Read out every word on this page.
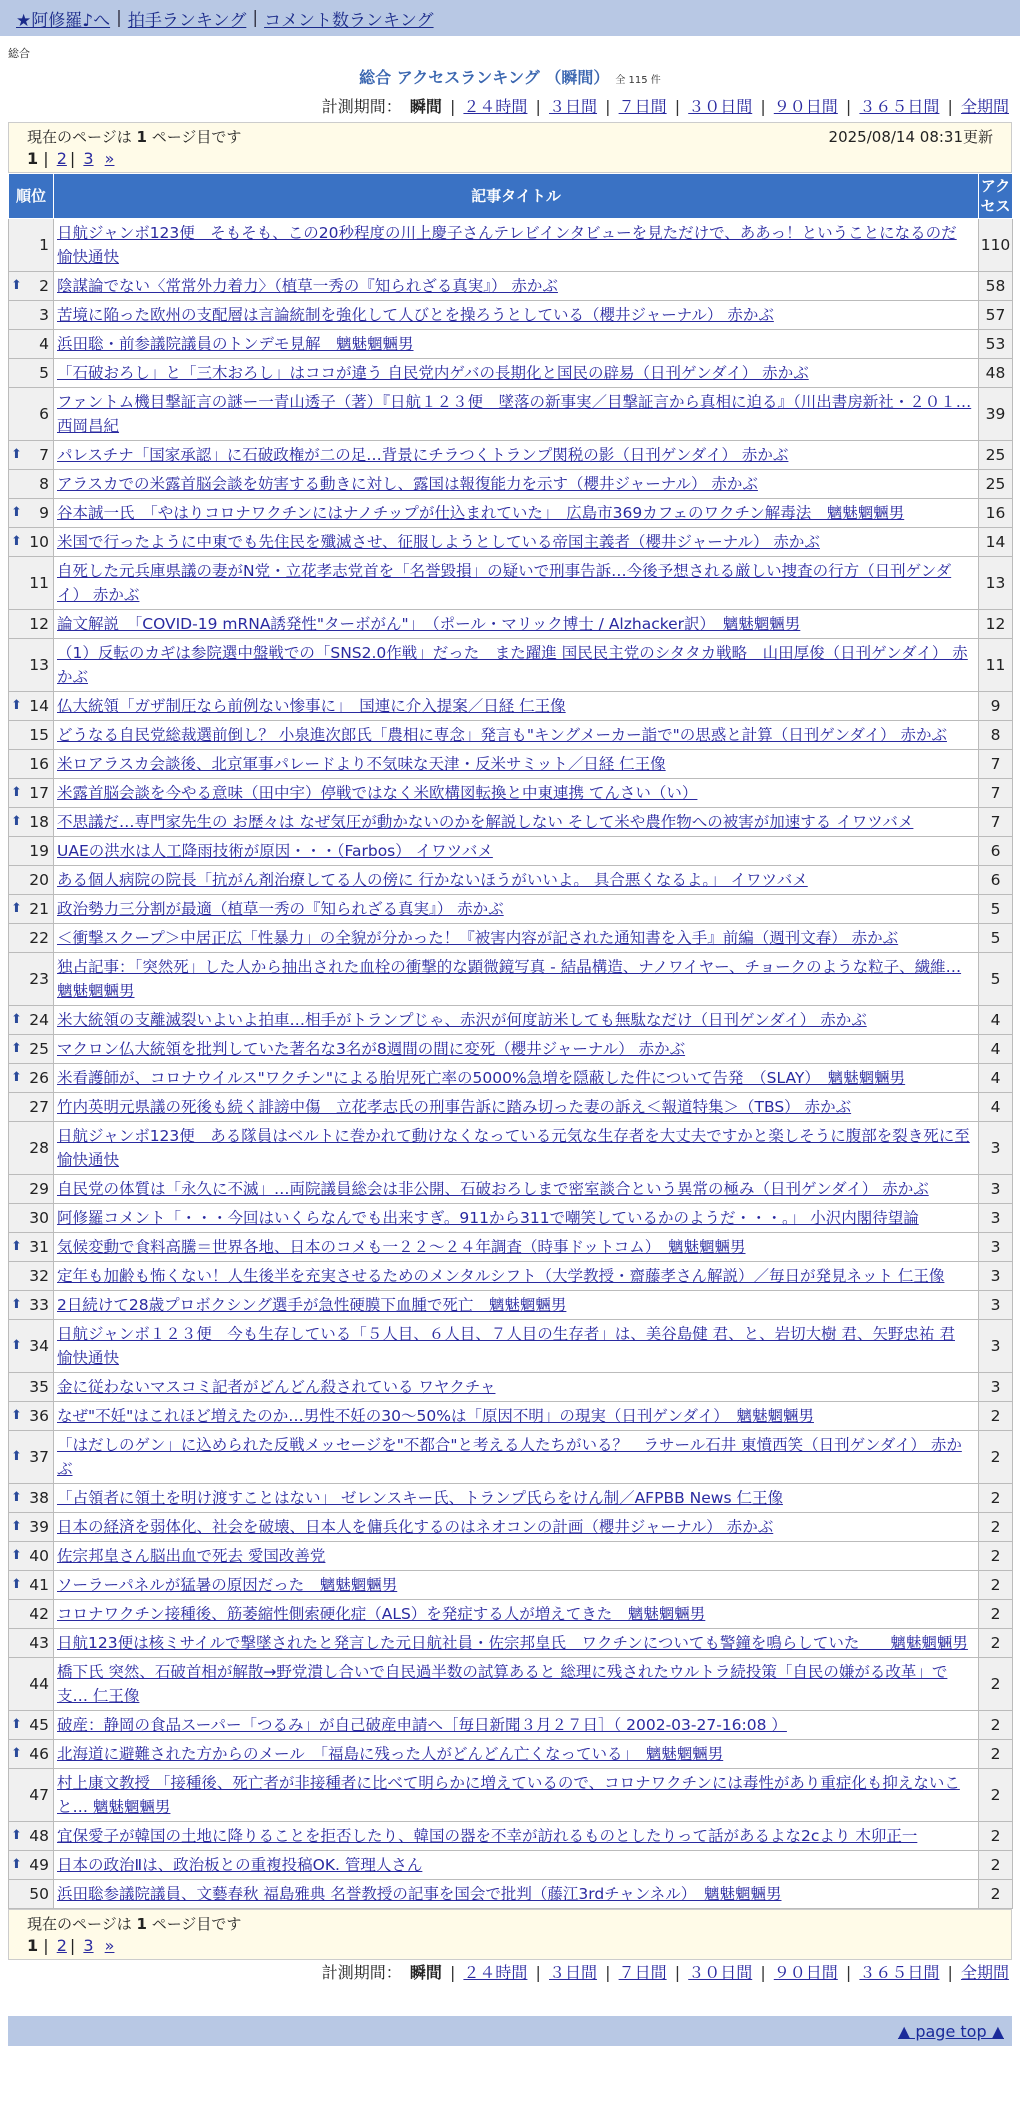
★阿修羅♪へ | 拍手ランキング | コメント数ランキング
総合
総合 アクセスランキング （瞬間） 全 115 件
計測期間： 瞬間 | ２４時間 | ３日間 | ７日間 | ３０日間 | ９０日間 | ３６５日間 | 全期間
現在のページは 1 ページ目です	2025/08/14 08:31更新
1 | 2 | 3 »
順位	記事タイトル	アクセス
1	日航ジャンボ123便　そもそも、この20秒程度の川上慶子さんテレビインタビューを見ただけで、ああっ！ということになるのだ 愉快通快	110

⬆ 2	陰謀論でない〈常常外力着力〉（植草一秀の『知られざる真実』） 赤かぶ	58
3	苦境に陥った欧州の支配層は言論統制を強化して人びとを操ろうとしている（櫻井ジャーナル） 赤かぶ	57
4	浜田聡・前参議院議員のトンデモ見解　魑魅魍魎男	53
5	「石破おろし」と「三木おろし」はココが違う 自民党内ゲバの長期化と国民の辟易（日刊ゲンダイ） 赤かぶ	48
6	ファントム機目撃証言の謎ー一青山透子（著）『日航１２３便　墜落の新事実／目撃証言から真相に迫る』（川出書房新社・２０１… 西岡昌紀	39

⬆ 7	パレスチナ「国家承認」に石破政権が二の足…背景にチラつくトランプ関税の影（日刊ゲンダイ） 赤かぶ	25
8	アラスカでの米露首脳会談を妨害する動きに対し、露国は報復能力を示す（櫻井ジャーナル） 赤かぶ	25

⬆ 9	谷本誠一氏　「やはりコロナワクチンにはナノチップが仕込まれていた」　広島市369カフェのワクチン解毒法　魑魅魍魎男	16

⬆ 10	米国で行ったように中東でも先住民を殲滅させ、征服しようとしている帝国主義者（櫻井ジャーナル） 赤かぶ	14
11	自死した元兵庫県議の妻がN党・立花孝志党首を「名誉毀損」の疑いで刑事告訴…今後予想される厳しい捜査の行方（日刊ゲンダイ） 赤かぶ	13
12	論文解説　「COVID-19 mRNA誘発性"ターボがん"」　（ポール・マリック博士 / Alzhacker訳）　魑魅魍魎男	12
13	（1）反転のカギは参院選中盤戦での「SNS2.0作戦」だった　また躍進 国民民主党のシタタカ戦略　山田厚俊（日刊ゲンダイ） 赤かぶ	11

⬆ 14	仏大統領「ガザ制圧なら前例ない惨事に」　国連に介入提案／日経 仁王像	9
15	どうなる自民党総裁選前倒し？ 小泉進次郎氏「農相に専念」発言も"キングメーカー詣で"の思惑と計算（日刊ゲンダイ） 赤かぶ	8
16	米ロアラスカ会談後、北京軍事パレードより不気味な天津・反米サミット／日経 仁王像	7

⬆ 17	米露首脳会談を今やる意味（田中宇）停戦ではなく米欧構図転換と中東連携 てんさい（い）	7

⬆ 18	不思議だ…専門家先生の お歴々は なぜ気圧が動かないのかを解説しない そして米や農作物への被害が加速する イワツバメ	7
19	UAEの洪水は人工降雨技術が原因・・・（Farbos） イワツバメ	6
20	ある個人病院の院長「抗がん剤治療してる人の傍に 行かないほうがいいよ。 具合悪くなるよ。」 イワツバメ	6

⬆ 21	政治勢力三分割が最適（植草一秀の『知られざる真実』） 赤かぶ	5
22	＜衝撃スクープ＞中居正広「性暴力」の全貌が分かった！『被害内容が記された通知書を入手』前編（週刊文春） 赤かぶ	5
23	独占記事：「突然死」した人から抽出された血栓の衝撃的な顕微鏡写真 - 結晶構造、ナノワイヤー、チョークのような粒子、繊維… 魑魅魍魎男	5

⬆ 24	米大統領の支離滅裂いよいよ拍車…相手がトランプじゃ、赤沢が何度訪米しても無駄なだけ（日刊ゲンダイ） 赤かぶ	4

⬆ 25	マクロン仏大統領を批判していた著名な3名が8週間の間に変死（櫻井ジャーナル） 赤かぶ	4

⬆ 26	米看護師が、コロナウイルス"ワクチン"による胎児死亡率の5000%急増を隠蔽した件について告発　（SLAY）　魑魅魍魎男	4
27	竹内英明元県議の死後も続く誹謗中傷　立花孝志氏の刑事告訴に踏み切った妻の訴え＜報道特集＞（TBS） 赤かぶ	4
28	日航ジャンボ123便　ある隊員はベルトに巻かれて動けなくなっている元気な生存者を大丈夫ですかと楽しそうに腹部を裂き死に至 愉快通快	3
29	自民党の体質は「永久に不滅」…両院議員総会は非公開、石破おろしまで密室談合という異常の極み（日刊ゲンダイ） 赤かぶ	3
30	阿修羅コメント「・・・今回はいくらなんでも出来すぎ。911から311で嘲笑しているかのようだ・・・。」 小沢内閣待望論	3

⬆ 31	気候変動で食料高騰＝世界各地、日本のコメも一２２～２４年調査（時事ドットコム）　魑魅魍魎男	3
32	定年も加齢も怖くない！人生後半を充実させるためのメンタルシフト（大学教授・齋藤孝さん解説）／毎日が発見ネット 仁王像	3

⬆ 33	2日続けて28歳プロボクシング選手が急性硬膜下血腫で死亡　魑魅魍魎男	3

⬆ 34	日航ジャンボ１２３便　今も生存している「５人目、６人目、７人目の生存者」は、美谷島健 君、と、岩切大樹 君、矢野忠祐 君 愉快通快	3
35	金に従わないマスコミ記者がどんどん殺されている ワヤクチャ	3

⬆ 36	なぜ"不妊"はこれほど増えたのか…男性不妊の30～50%は「原因不明」の現実（日刊ゲンダイ）　魑魅魍魎男	2

⬆ 37	「はだしのゲン」に込められた反戦メッセージを"不都合"と考える人たちがいる？　ラサール石井 東憤西笑（日刊ゲンダイ） 赤かぶ	2

⬆ 38	「占領者に領土を明け渡すことはない」 ゼレンスキー氏、トランプ氏らをけん制／AFPBB News 仁王像	2

⬆ 39	日本の経済を弱体化、社会を破壊、日本人を傭兵化するのはネオコンの計画（櫻井ジャーナル） 赤かぶ	2

⬆ 40	佐宗邦皇さん脳出血で死去 愛国改善党	2

⬆ 41	ソーラーパネルが猛暑の原因だった　魑魅魍魎男	2
42	コロナワクチン接種後、筋萎縮性側索硬化症（ALS）を発症する人が増えてきた　魑魅魍魎男	2
43	日航123便は核ミサイルで撃墜されたと発言した元日航社員・佐宗邦皇氏　ワクチンについても警鐘を鳴らしていた　　魑魅魍魎男	2
44	橋下氏 突然、石破首相が解散→野党潰し合いで自民過半数の試算あると 総理に残されたウルトラ続投策「自民の嫌がる改革」で支… 仁王像	2

⬆ 45	破産：静岡の食品スーパー「つるみ」が自己破産申請へ［毎日新聞３月２７日］（ 2002-03-27-16:08 ）	2

⬆ 46	北海道に避難された方からのメール　「福島に残った人がどんどん亡くなっている」　魑魅魍魎男	2
47	村上康文教授 「接種後、死亡者が非接種者に比べて明らかに増えているので、コロナワクチンには毒性があり重症化も抑えないこと… 魑魅魍魎男	2

⬆ 48	宜保愛子が韓国の土地に降りることを拒否したり、韓国の器を不幸が訪れるものとしたりって話があるよな2cより 木卯正一	2

⬆ 49	日本の政治Ⅱは、政治板との重複投稿OK. 管理人さん	2
50	浜田聡参議院議員、文藝春秋 福島雅典 名誉教授の記事を国会で批判（藤江3rdチャンネル）　魑魅魍魎男	2
現在のページは 1 ページ目です
1 | 2 | 3 »
計測期間： 瞬間 | ２４時間 | ３日間 | ７日間 | ３０日間 | ９０日間 | ３６５日間 | 全期間
▲ page top ▲
